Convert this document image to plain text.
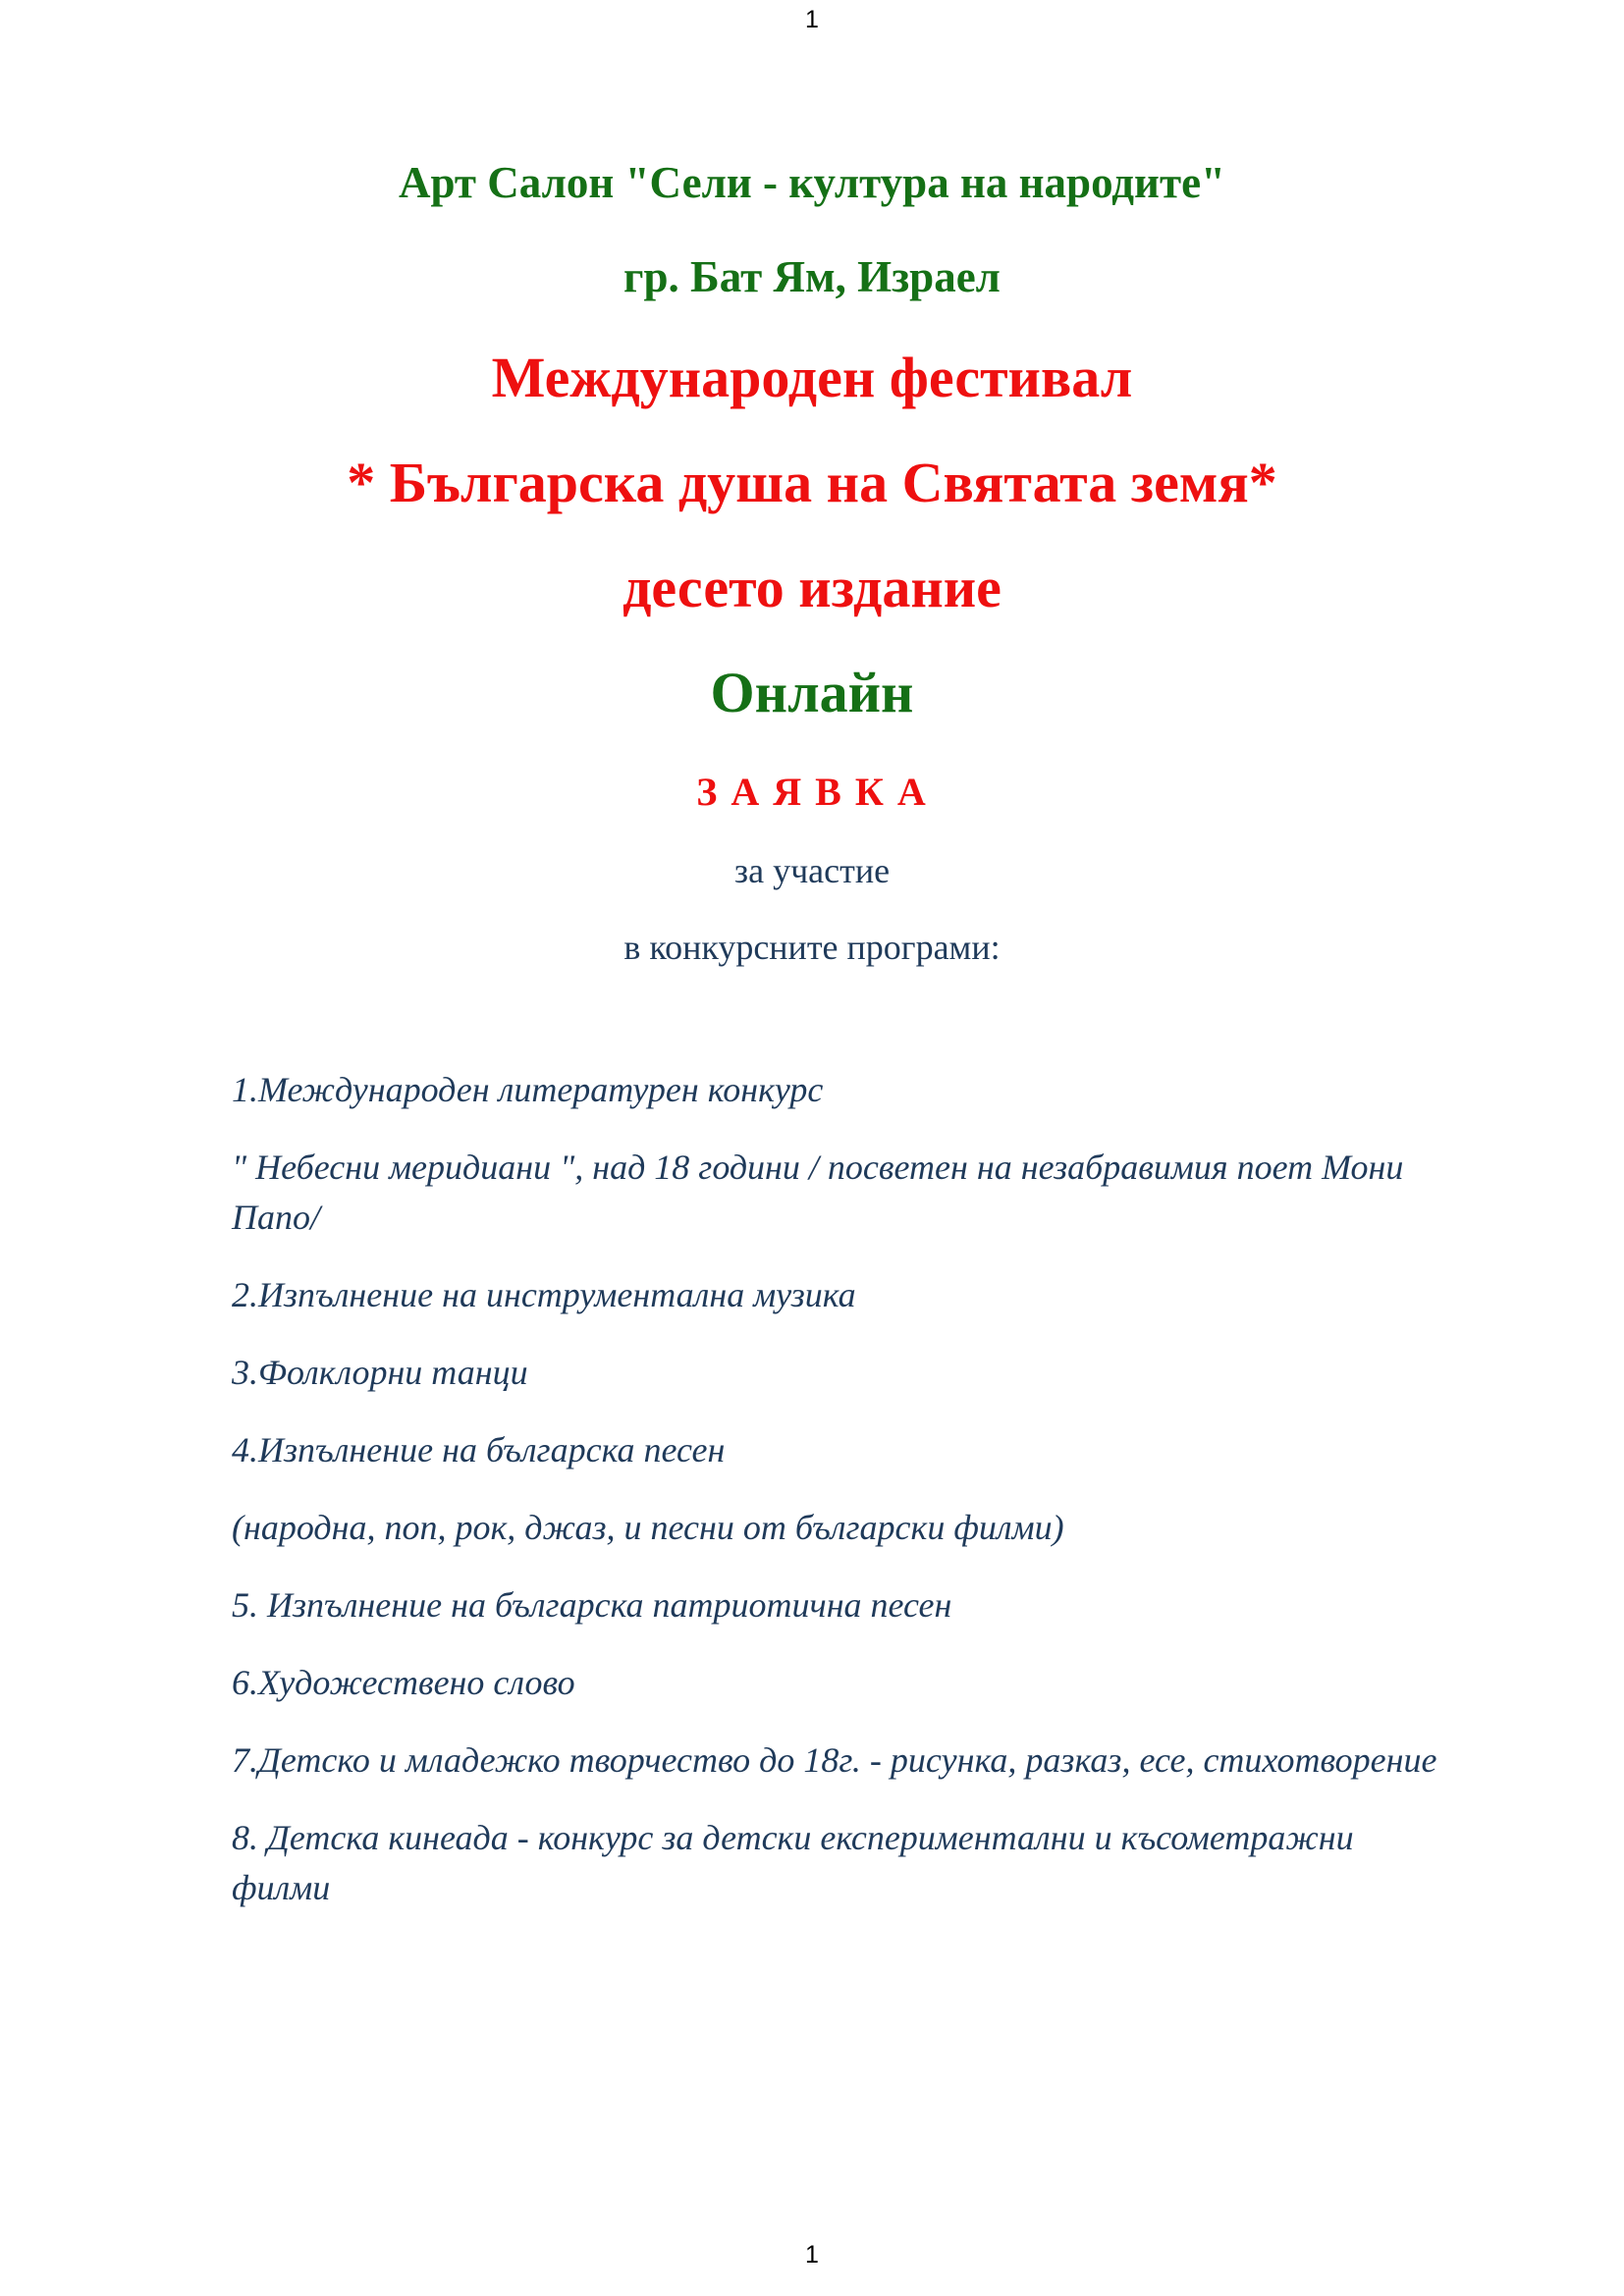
1
Арт Салон "Сели - култура на народите"
гр. Бат Ям, Израел
Международен фестивал
* Българска душа на Святата земя*
десето издание
Онлайн
З А Я В К А
за участие
в конкурсните програми:
1.Международен литературен конкурс
" Небесни меридиани ", над 18 години / посветен на незабравимия поет Мони Папо/
2.Изпълнение на инструментална музика
3.Фолклорни танци
4.Изпълнение на българска песен
(народна, поп, рок, джаз, и песни от български филми)
5. Изпълнение на българска патриотична песен
6.Художествено слово
7.Детско и младежко творчество до 18г. - рисунка, разказ, есе, стихотворение
8. Детска кинеада - конкурс за детски експериментални и късометражни филми
1
